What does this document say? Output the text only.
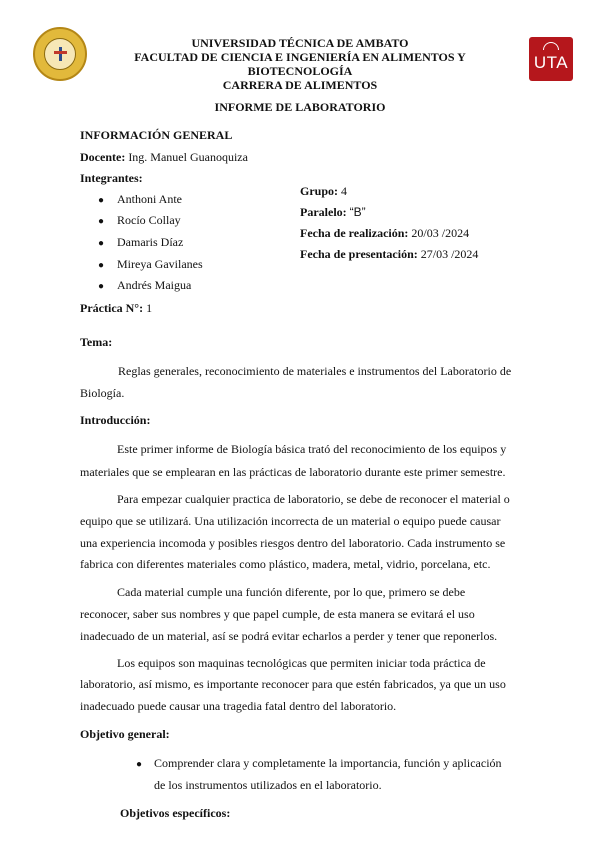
UTA
UNIVERSIDAD TÉCNICA DE AMBATO
FACULTAD DE CIENCIA E INGENIERÍA EN ALIMENTOS Y
BIOTECNOLOGÍA
CARRERA DE ALIMENTOS
INFORME DE LABORATORIO
INFORMACIÓN GENERAL
Docente: Ing. Manuel Guanoquiza
Integrantes:
● Anthoni Ante
● Rocío Collay
● Damaris Díaz
● Mireya Gavilanes
● Andrés Maigua
Práctica N°: 1
Grupo: 4
Paralelo: “B”
Fecha de realización: 20/03 /2024
Fecha de presentación: 27/03 /2024
Tema:
Reglas generales, reconocimiento de materiales e instrumentos del Laboratorio de
Biología.
Introducción:
Este primer informe de Biología básica trató del reconocimiento de los equipos y
materiales que se emplearan en las prácticas de laboratorio durante este primer semestre.
Para empezar cualquier practica de laboratorio, se debe de reconocer el material o
equipo que se utilizará. Una utilización incorrecta de un material o equipo puede causar
una experiencia incomoda y posibles riesgos dentro del laboratorio. Cada instrumento se
fabrica con diferentes materiales como plástico, madera, metal, vidrio, porcelana, etc.
Cada material cumple una función diferente, por lo que, primero se debe
reconocer, saber sus nombres y que papel cumple, de esta manera se evitará el uso
inadecuado de un material, así se podrá evitar echarlos a perder y tener que reponerlos.
Los equipos son maquinas tecnológicas que permiten iniciar toda práctica de
laboratorio, así mismo, es importante reconocer para que estén fabricados, ya que un uso
inadecuado puede causar una tragedia fatal dentro del laboratorio.
Objetivo general:
● Comprender clara y completamente la importancia, función y aplicación
de los instrumentos utilizados en el laboratorio.
Objetivos específicos:
